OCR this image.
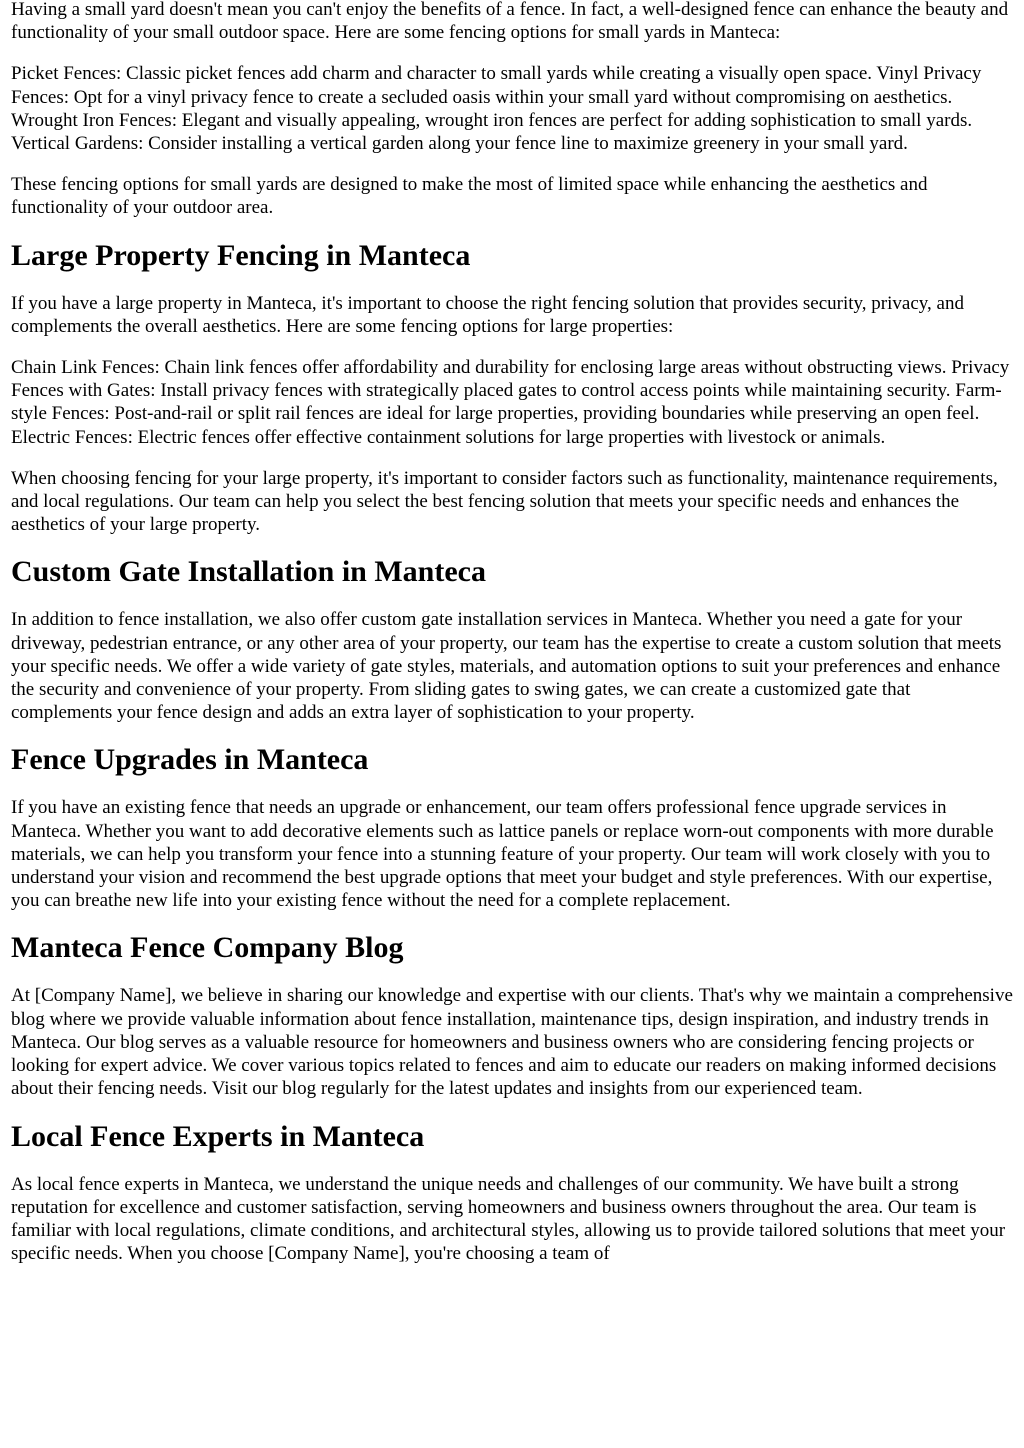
Having a small yard doesn't mean you can't enjoy the benefits of a fence. In fact, a well-designed fence can enhance the beauty and functionality of your small outdoor space. Here are some fencing options for small yards in Manteca:

Picket Fences: Classic picket fences add charm and character to small yards while creating a visually open space. Vinyl Privacy Fences: Opt for a vinyl privacy fence to create a secluded oasis within your small yard without compromising on aesthetics. Wrought Iron Fences: Elegant and visually appealing, wrought iron fences are perfect for adding sophistication to small yards. Vertical Gardens: Consider installing a vertical garden along your fence line to maximize greenery in your small yard.

These fencing options for small yards are designed to make the most of limited space while enhancing the aesthetics and functionality of your outdoor area.

Large Property Fencing in Manteca

If you have a large property in Manteca, it's important to choose the right fencing solution that provides security, privacy, and complements the overall aesthetics. Here are some fencing options for large properties:

Chain Link Fences: Chain link fences offer affordability and durability for enclosing large areas without obstructing views. Privacy Fences with Gates: Install privacy fences with strategically placed gates to control access points while maintaining security. Farm-style Fences: Post-and-rail or split rail fences are ideal for large properties, providing boundaries while preserving an open feel. Electric Fences: Electric fences offer effective containment solutions for large properties with livestock or animals.

When choosing fencing for your large property, it's important to consider factors such as functionality, maintenance requirements, and local regulations. Our team can help you select the best fencing solution that meets your specific needs and enhances the aesthetics of your large property.

Custom Gate Installation in Manteca

In addition to fence installation, we also offer custom gate installation services in Manteca. Whether you need a gate for your driveway, pedestrian entrance, or any other area of your property, our team has the expertise to create a custom solution that meets your specific needs. We offer a wide variety of gate styles, materials, and automation options to suit your preferences and enhance the security and convenience of your property. From sliding gates to swing gates, we can create a customized gate that complements your fence design and adds an extra layer of sophistication to your property.

Fence Upgrades in Manteca

If you have an existing fence that needs an upgrade or enhancement, our team offers professional fence upgrade services in Manteca. Whether you want to add decorative elements such as lattice panels or replace worn-out components with more durable materials, we can help you transform your fence into a stunning feature of your property. Our team will work closely with you to understand your vision and recommend the best upgrade options that meet your budget and style preferences. With our expertise, you can breathe new life into your existing fence without the need for a complete replacement.

Manteca Fence Company Blog

At [Company Name], we believe in sharing our knowledge and expertise with our clients. That's why we maintain a comprehensive blog where we provide valuable information about fence installation, maintenance tips, design inspiration, and industry trends in Manteca. Our blog serves as a valuable resource for homeowners and business owners who are considering fencing projects or looking for expert advice. We cover various topics related to fences and aim to educate our readers on making informed decisions about their fencing needs. Visit our blog regularly for the latest updates and insights from our experienced team.

Local Fence Experts in Manteca

As local fence experts in Manteca, we understand the unique needs and challenges of our community. We have built a strong reputation for excellence and customer satisfaction, serving homeowners and business owners throughout the area. Our team is familiar with local regulations, climate conditions, and architectural styles, allowing us to provide tailored solutions that meet your specific needs. When you choose [Company Name], you're choosing a team of
